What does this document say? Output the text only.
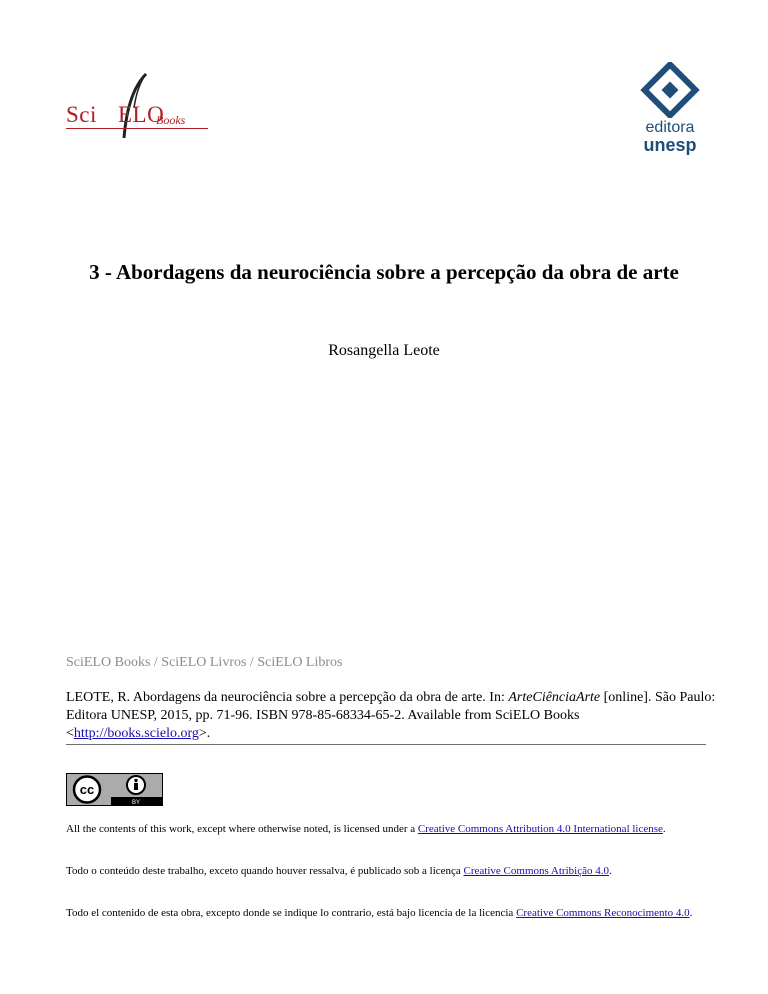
Sci ELO
Books	editora
unesp
3 - Abordagens da neurociência sobre a percepção da obra de arte
Rosangella Leote
SciELO Books / SciELO Livros / SciELO Libros
LEOTE, R. Abordagens da neurociência sobre a percepção da obra de arte. In: ArteCiênciaArte [online]. São Paulo: Editora UNESP, 2015, pp. 71-96. ISBN 978-85-68334-65-2. Available from SciELO Books <http://books.scielo.org>.
cc
BY
All the contents of this work, except where otherwise noted, is licensed under a Creative Commons Attribution 4.0 International license.
Todo o conteúdo deste trabalho, exceto quando houver ressalva, é publicado sob a licença Creative Commons Atribição 4.0.
Todo el contenido de esta obra, excepto donde se indique lo contrario, está bajo licencia de la licencia Creative Commons Reconocimento 4.0.
